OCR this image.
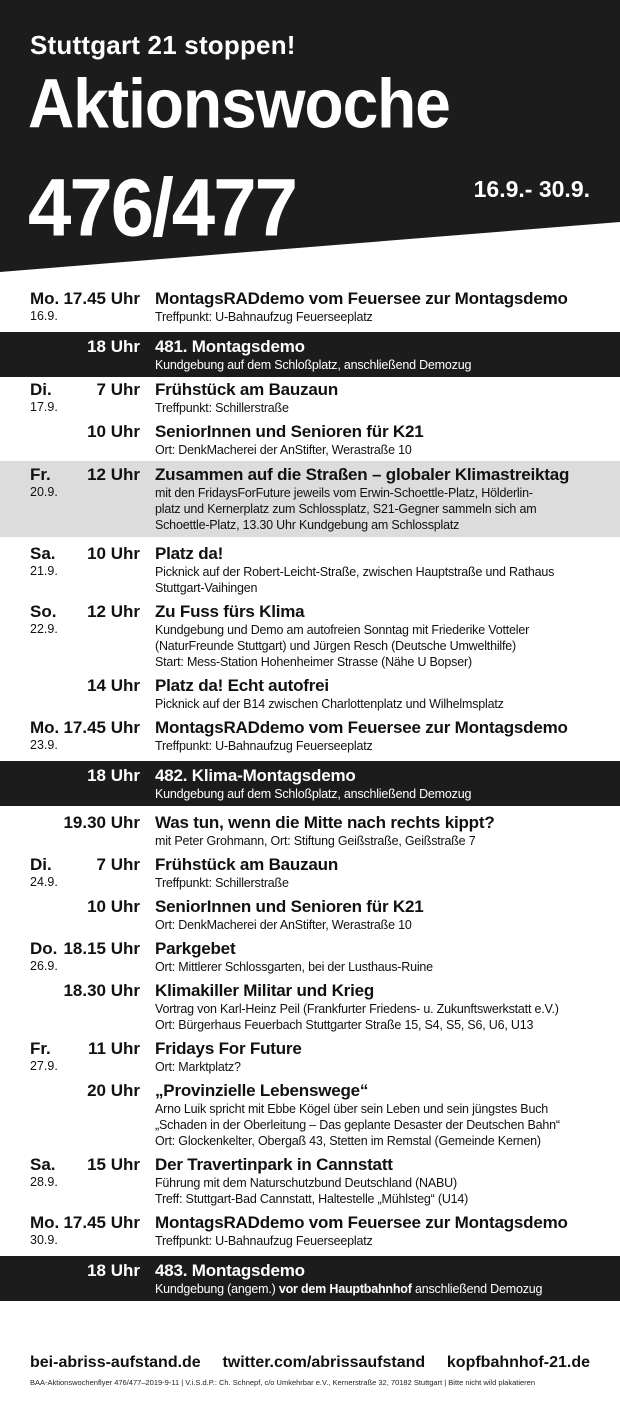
Stuttgart 21 stoppen!
Aktionswoche
476/477	16.9.- 30.9.
Mo.
16.9.
17.45 Uhr MontagsRADdemo vom Feuersee zur Montagsdemo
Treffpunkt: U-Bahnaufzug Feuerseeplatz
18 Uhr 481. Montagsdemo
Kundgebung auf dem Schloßplatz, anschließend Demozug
Di.
17.9.
7 Uhr Frühstück am Bauzaun
Treffpunkt: Schillerstraße
10 Uhr SeniorInnen und Senioren für K21
Ort: DenkMacherei der AnStifter, Werastraße 10
Fr.
20.9.
12 Uhr Zusammen auf die Straßen – globaler Klimastreiktag
mit den FridaysForFuture jeweils vom Erwin-Schoettle-Platz, Hölderlin-
platz und Kernerplatz zum Schlossplatz, S21-Gegner sammeln sich am
Schoettle-Platz, 13.30 Uhr Kundgebung am Schlossplatz
Sa.
21.9.
10 Uhr Platz da!
Picknick auf der Robert-Leicht-Straße, zwischen Hauptstraße und Rathaus
Stuttgart-Vaihingen
So.
22.9.
12 Uhr Zu Fuss fürs Klima
Kundgebung und Demo am autofreien Sonntag mit Friederike Votteler
(NaturFreunde Stuttgart) und Jürgen Resch (Deutsche Umwelthilfe)
Start: Mess-Station Hohenheimer Strasse (Nähe U Bopser)
14 Uhr Platz da! Echt autofrei
Picknick auf der B14 zwischen Charlottenplatz und Wilhelmsplatz
Mo.
23.9.
17.45 Uhr MontagsRADdemo vom Feuersee zur Montagsdemo
Treffpunkt: U-Bahnaufzug Feuerseeplatz
18 Uhr 482. Klima-Montagsdemo
Kundgebung auf dem Schloßplatz, anschließend Demozug
19.30 Uhr Was tun, wenn die Mitte nach rechts kippt?
mit Peter Grohmann, Ort: Stiftung Geißstraße, Geißstraße 7
Di.
24.9.
7 Uhr Frühstück am Bauzaun
Treffpunkt: Schillerstraße
10 Uhr SeniorInnen und Senioren für K21
Ort: DenkMacherei der AnStifter, Werastraße 10
Do.
26.9.
18.15 Uhr Parkgebet
Ort: Mittlerer Schlossgarten, bei der Lusthaus-Ruine
18.30 Uhr Klimakiller Militar und Krieg
Vortrag von Karl-Heinz Peil (Frankfurter Friedens- u. Zukunftswerkstatt e.V.)
Ort: Bürgerhaus Feuerbach Stuttgarter Straße 15, S4, S5, S6, U6, U13
Fr.
27.9.
11 Uhr Fridays For Future
Ort: Marktplatz?
20 Uhr „Provinzielle Lebenswege“
Arno Luik spricht mit Ebbe Kögel über sein Leben und sein jüngstes Buch
„Schaden in der Oberleitung – Das geplante Desaster der Deutschen Bahn“
Ort: Glockenkelter, Obergaß 43, Stetten im Remstal (Gemeinde Kernen)
Sa.
28.9.
15 Uhr Der Travertinpark in Cannstatt
Führung mit dem Naturschutzbund Deutschland (NABU)
Treff: Stuttgart-Bad Cannstatt, Haltestelle „Mühlsteg“ (U14)
Mo.
30.9.
17.45 Uhr MontagsRADdemo vom Feuersee zur Montagsdemo
Treffpunkt: U-Bahnaufzug Feuerseeplatz
18 Uhr 483. Montagsdemo
Kundgebung (angem.) vor dem Hauptbahnhof anschließend Demozug
bei-abriss-aufstand.de twitter.com/abrissaufstand kopfbahnhof-21.de
BAA-Aktionswochenflyer 476/477–2019-9-11 | V.i.S.d.P.: Ch. Schnepf, c/o Umkehrbar e.V., Kernerstraße 32, 70182 Stuttgart | Bitte nicht wild plakatieren
